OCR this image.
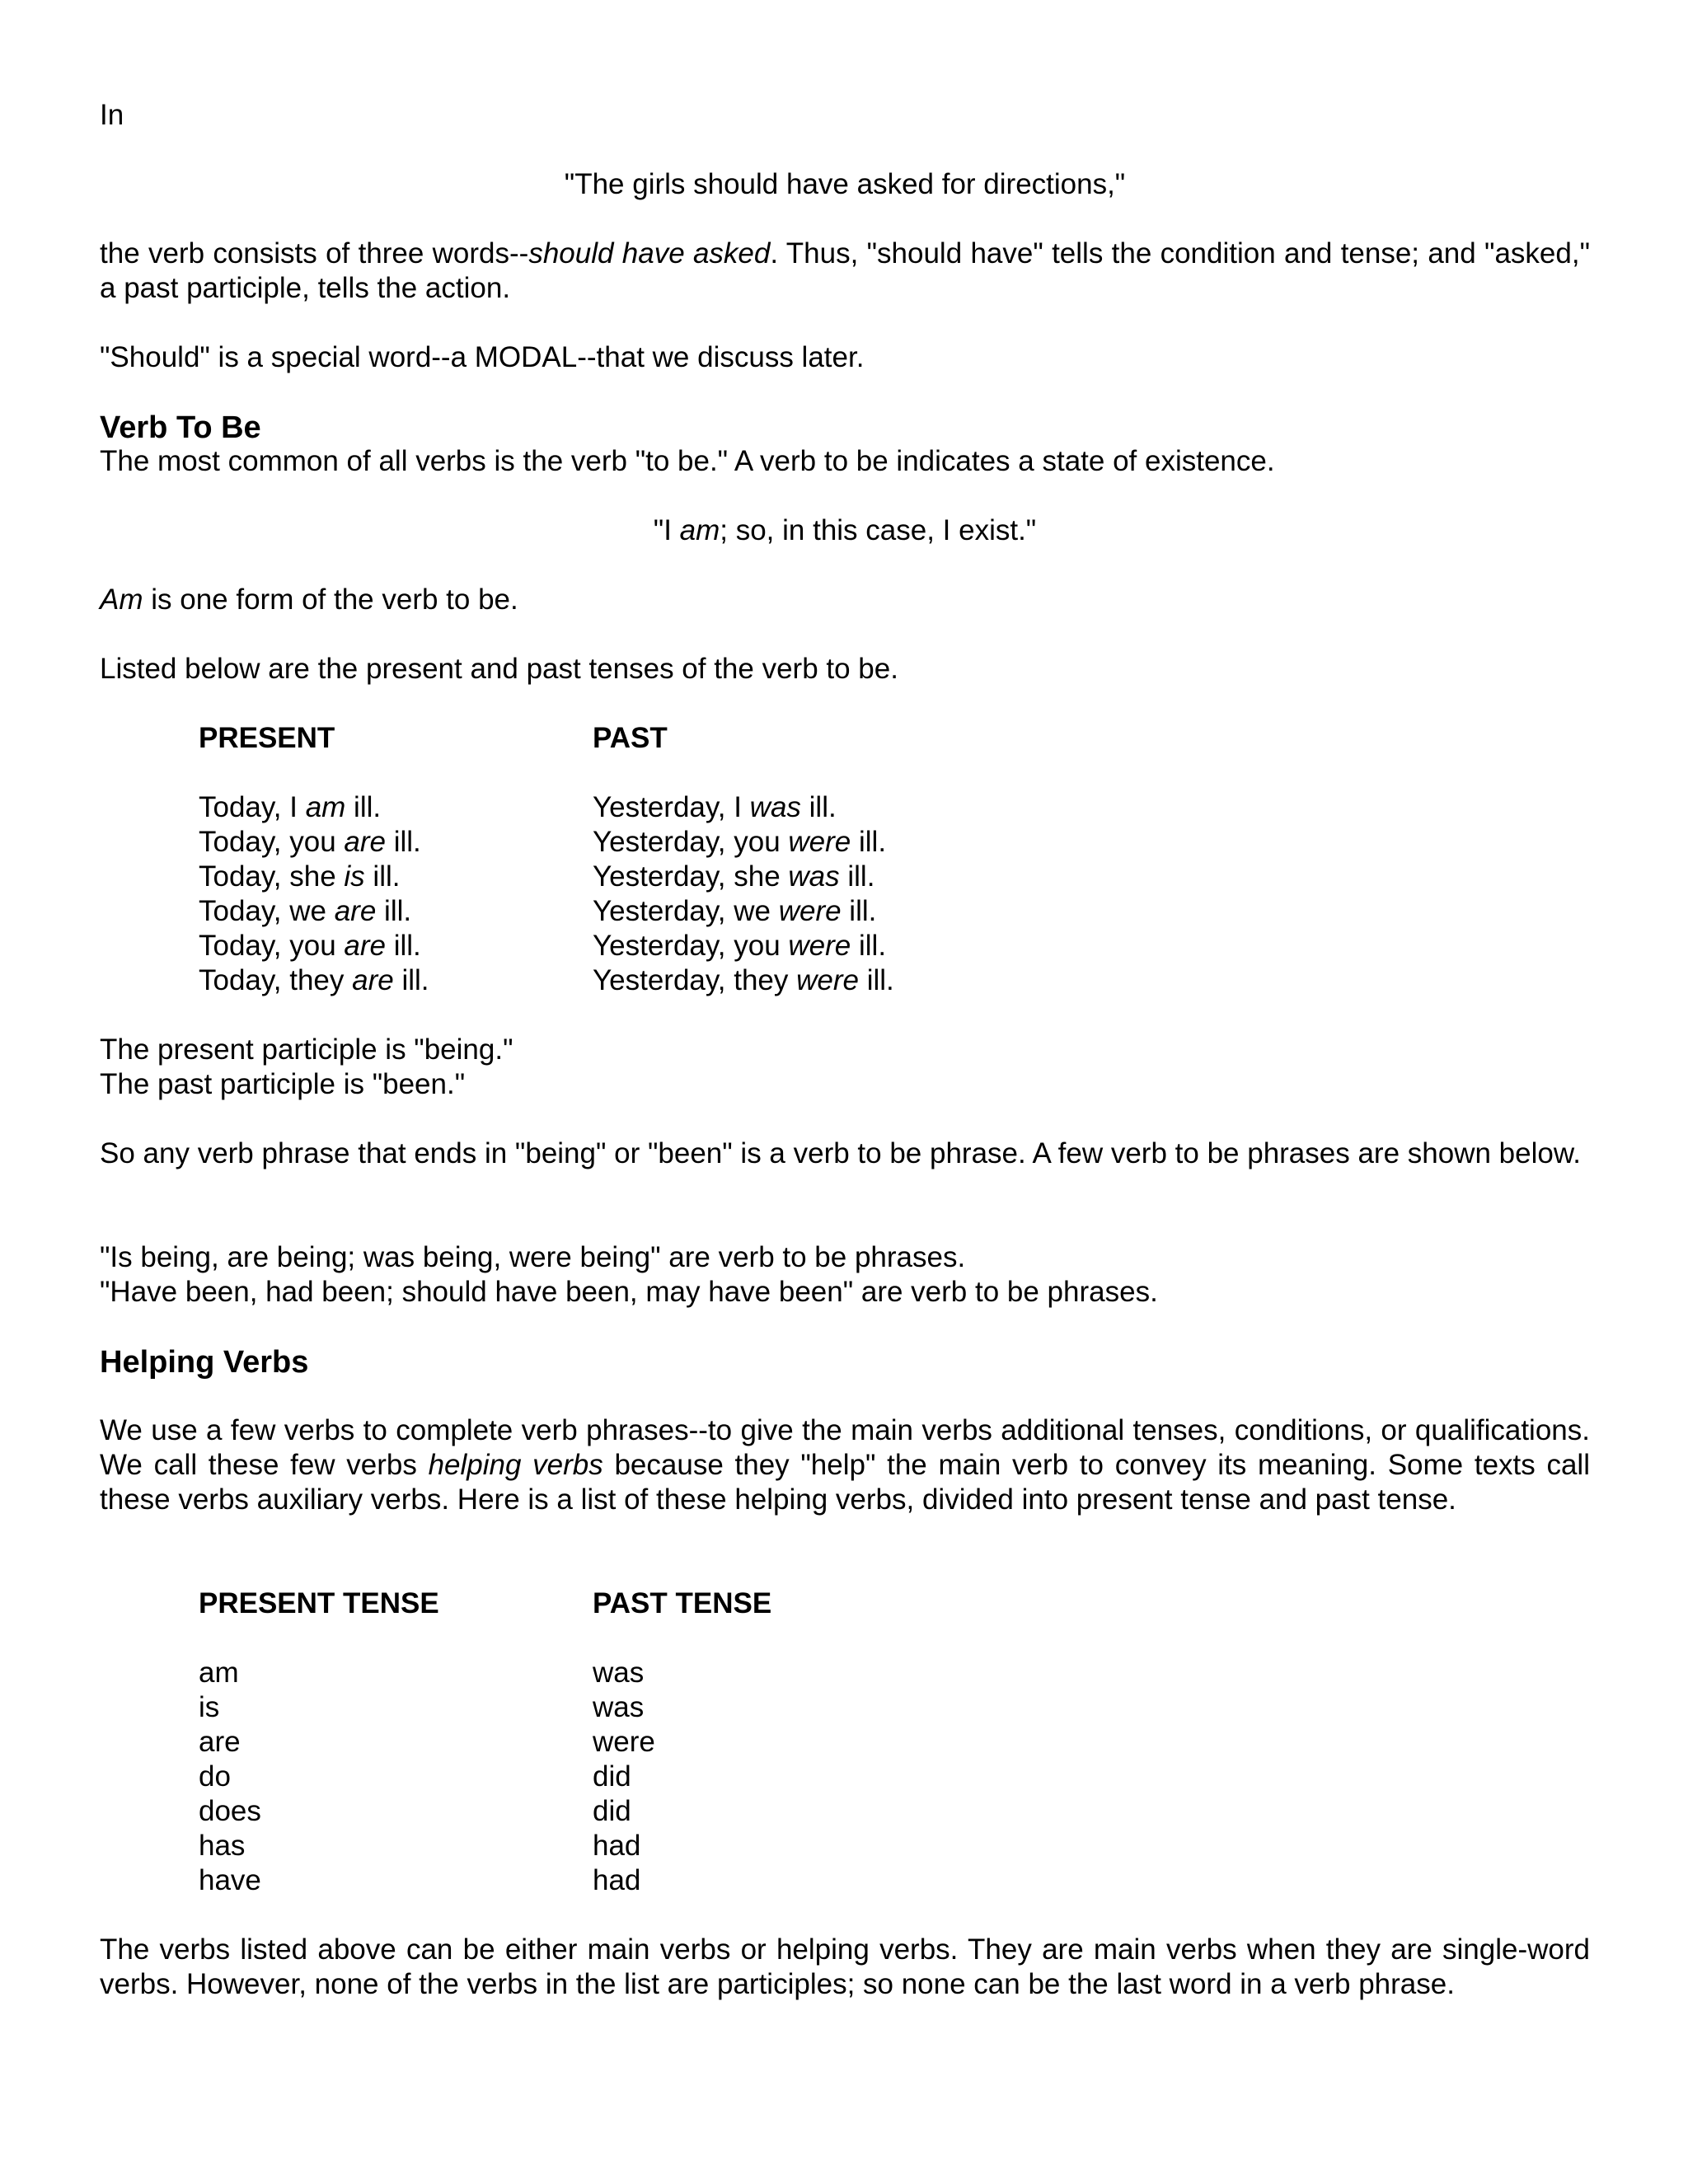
In

"The girls should have asked for directions,"

the verb consists of three words--should have asked. Thus, "should have" tells the condition and tense; and "asked," a past participle, tells the action.

"Should" is a special word--a MODAL--that we discuss later.

Verb To Be

The most common of all verbs is the verb "to be." A verb to be indicates a state of existence.

"I am; so, in this case, I exist."

Am is one form of the verb to be.

Listed below are the present and past tenses of the verb to be.

PRESENT
Today, I am ill.
Today, you are ill.
Today, she is ill.
Today, we are ill.
Today, you are ill.
Today, they are ill.
PAST
Yesterday, I was ill.
Yesterday, you were ill.
Yesterday, she was ill.
Yesterday, we were ill.
Yesterday, you were ill.
Yesterday, they were ill.

The present participle is "being."

The past participle is "been."

So any verb phrase that ends in "being" or "been" is a verb to be phrase. A few verb to be phrases are shown below.

"Is being, are being; was being, were being" are verb to be phrases.

"Have been, had been; should have been, may have been" are verb to be phrases.

Helping Verbs

We use a few verbs to complete verb phrases--to give the main verbs additional tenses, conditions, or qualifications. We call these few verbs helping verbs because they "help" the main verb to convey its meaning. Some texts call these verbs auxiliary verbs. Here is a list of these helping verbs, divided into present tense and past tense.

PRESENT TENSE
am
is
are
do
does
has
have
PAST TENSE
was
was
were
did
did
had
had

The verbs listed above can be either main verbs or helping verbs. They are main verbs when they are single-word verbs. However, none of the verbs in the list are participles; so none can be the last word in a verb phrase.
